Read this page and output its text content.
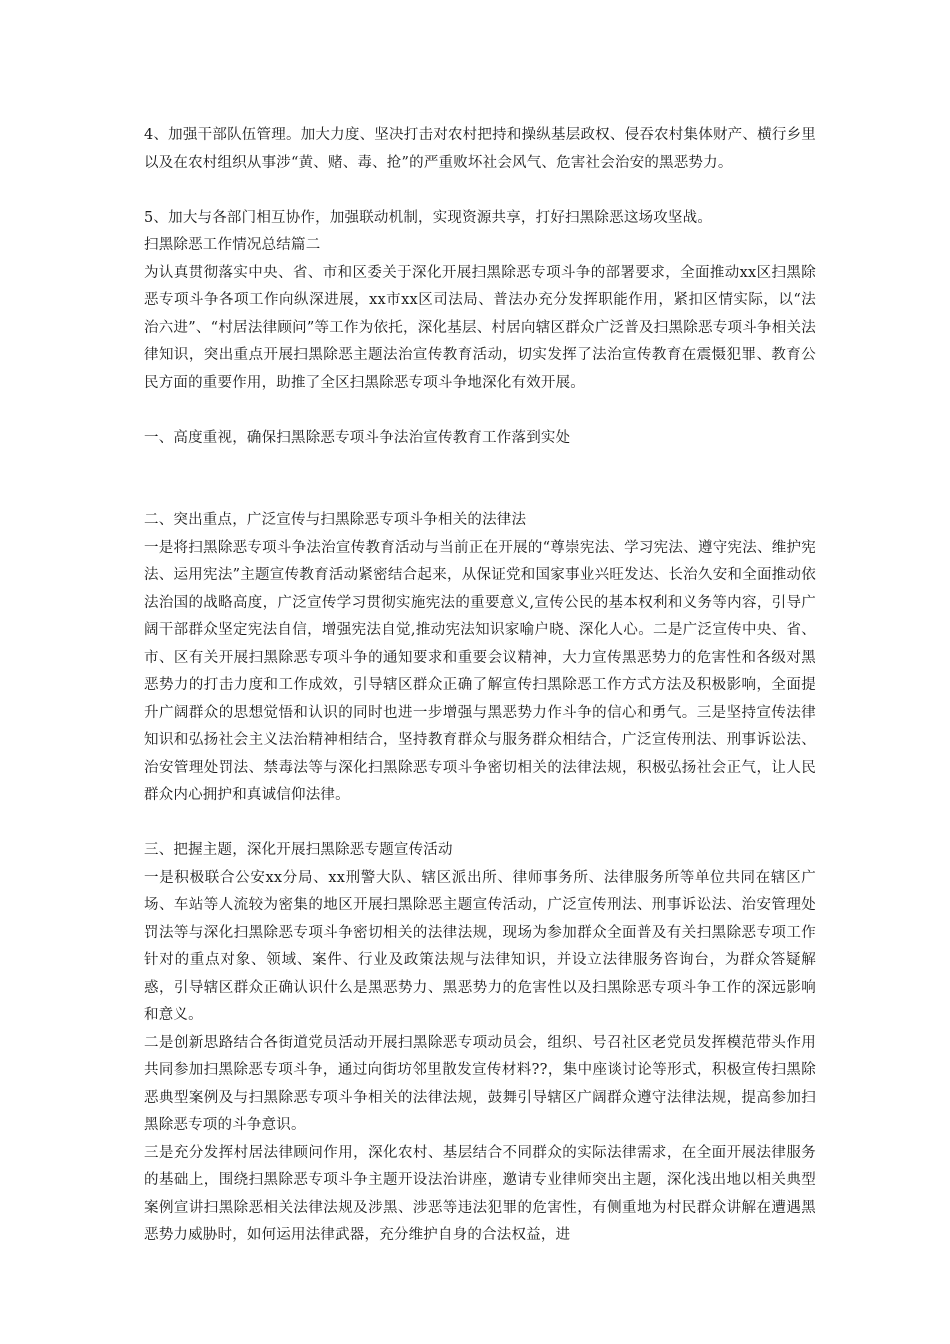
4、加强干部队伍管理。加大力度、坚决打击对农村把持和操纵基层政权、侵吞农村集体财产、横行乡里以及在农村组织从事涉“黄、赌、毒、抢”的严重败坏社会风气、危害社会治安的黑恶势力。

5、加大与各部门相互协作，加强联动机制，实现资源共享，打好扫黑除恶这场攻坚战。

扫黑除恶工作情况总结篇二

为认真贯彻落实中央、省、市和区委关于深化开展扫黑除恶专项斗争的部署要求，全面推动xx区扫黑除恶专项斗争各项工作向纵深进展，xx市xx区司法局、普法办充分发挥职能作用，紧扣区情实际，以“法治六进”、“村居法律顾问”等工作为依托，深化基层、村居向辖区群众广泛普及扫黑除恶专项斗争相关法律知识，突出重点开展扫黑除恶主题法治宣传教育活动，切实发挥了法治宣传教育在震慑犯罪、教育公民方面的重要作用，助推了全区扫黑除恶专项斗争地深化有效开展。

一、高度重视，确保扫黑除恶专项斗争法治宣传教育工作落到实处

二、突出重点，广泛宣传与扫黑除恶专项斗争相关的法律法

一是将扫黑除恶专项斗争法治宣传教育活动与当前正在开展的“尊崇宪法、学习宪法、遵守宪法、维护宪法、运用宪法”主题宣传教育活动紧密结合起来，从保证党和国家事业兴旺发达、长治久安和全面推动依法治国的战略高度，广泛宣传学习贯彻实施宪法的重要意义,宣传公民的基本权利和义务等内容，引导广阔干部群众坚定宪法自信，增强宪法自觉,推动宪法知识家喻户晓、深化人心。二是广泛宣传中央、省、市、区有关开展扫黑除恶专项斗争的通知要求和重要会议精神，大力宣传黑恶势力的危害性和各级对黑恶势力的打击力度和工作成效，引导辖区群众正确了解宣传扫黑除恶工作方式方法及积极影响，全面提升广阔群众的思想觉悟和认识的同时也进一步增强与黑恶势力作斗争的信心和勇气。三是坚持宣传法律知识和弘扬社会主义法治精神相结合，坚持教育群众与服务群众相结合，广泛宣传刑法、刑事诉讼法、治安管理处罚法、禁毒法等与深化扫黑除恶专项斗争密切相关的法律法规，积极弘扬社会正气，让人民群众内心拥护和真诚信仰法律。

三、把握主题，深化开展扫黑除恶专题宣传活动

一是积极联合公安xx分局、xx刑警大队、辖区派出所、律师事务所、法律服务所等单位共同在辖区广场、车站等人流较为密集的地区开展扫黑除恶主题宣传活动，广泛宣传刑法、刑事诉讼法、治安管理处罚法等与深化扫黑除恶专项斗争密切相关的法律法规，现场为参加群众全面普及有关扫黑除恶专项工作针对的重点对象、领域、案件、行业及政策法规与法律知识，并设立法律服务咨询台，为群众答疑解惑，引导辖区群众正确认识什么是黑恶势力、黑恶势力的危害性以及扫黑除恶专项斗争工作的深远影响和意义。

二是创新思路结合各街道党员活动开展扫黑除恶专项动员会，组织、号召社区老党员发挥模范带头作用共同参加扫黑除恶专项斗争，通过向街坊邻里散发宣传材料??，集中座谈讨论等形式，积极宣传扫黑除恶典型案例及与扫黑除恶专项斗争相关的法律法规，鼓舞引导辖区广阔群众遵守法律法规，提高参加扫黑除恶专项的斗争意识。

三是充分发挥村居法律顾问作用，深化农村、基层结合不同群众的实际法律需求，在全面开展法律服务的基础上，围绕扫黑除恶专项斗争主题开设法治讲座，邀请专业律师突出主题，深化浅出地以相关典型案例宣讲扫黑除恶相关法律法规及涉黑、涉恶等违法犯罪的危害性，有侧重地为村民群众讲解在遭遇黑恶势力威胁时，如何运用法律武器，充分维护自身的合法权益，进
